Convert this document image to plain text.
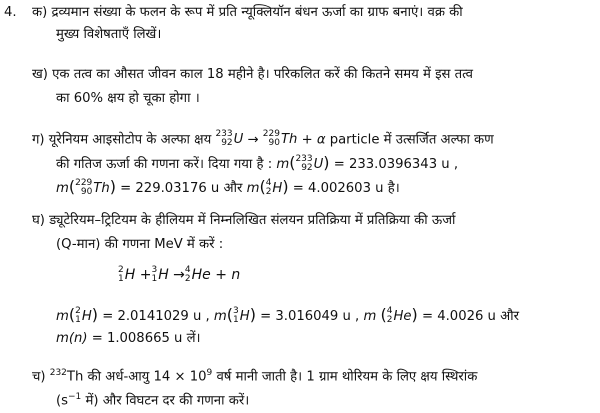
4. क) द्रव्यमान संख्या के फलन के रूप में प्रति न्यूक्लियॉन बंधन ऊर्जा का ग्राफ बनाएं। वक्र की
मुख्य विशेषताएँ लिखें।
ख) एक तत्व का औसत जीवन काल 18 महीने है। परिकलित करें की कितने समय में इस तत्व
का 60% क्षय हो चूका होगा ।
ग) यूरेनियम आइसोटोप के अल्फा क्षय 233
92 U → 229
90 Th + α particle में उत्सर्जित अल्फा कण
की गतिज ऊर्जा की गणना करें। दिया गया है : m( 233
92 U) = 233.0396343 u ,
m( 229
90 Th) = 229.03176 u और m( 4
2 H) = 4.002603 u है।
घ) ड्यूटेरियम–ट्रिटियम के हीलियम में निम्नलिखित संलयन प्रतिक्रिया में प्रतिक्रिया की ऊर्जा
(Q-मान) की गणना MeV में करें :
2
1 H + 3
1 H → 4
2 He + n
m( 2
1 H) = 2.0141029 u , m( 3
1 H) = 3.016049 u , m ( 4
2 He) = 4.0026 u और
m(n) = 1.008665 u लें।
च) $^{232}$Th की अर्ध-आयु $14 \times 10^9$ वर्ष मानी जाती है। 1 ग्राम थोरियम के लिए क्षय स्थिरांक
($s^{-1}$ में) और विघटन दर की गणना करें।
